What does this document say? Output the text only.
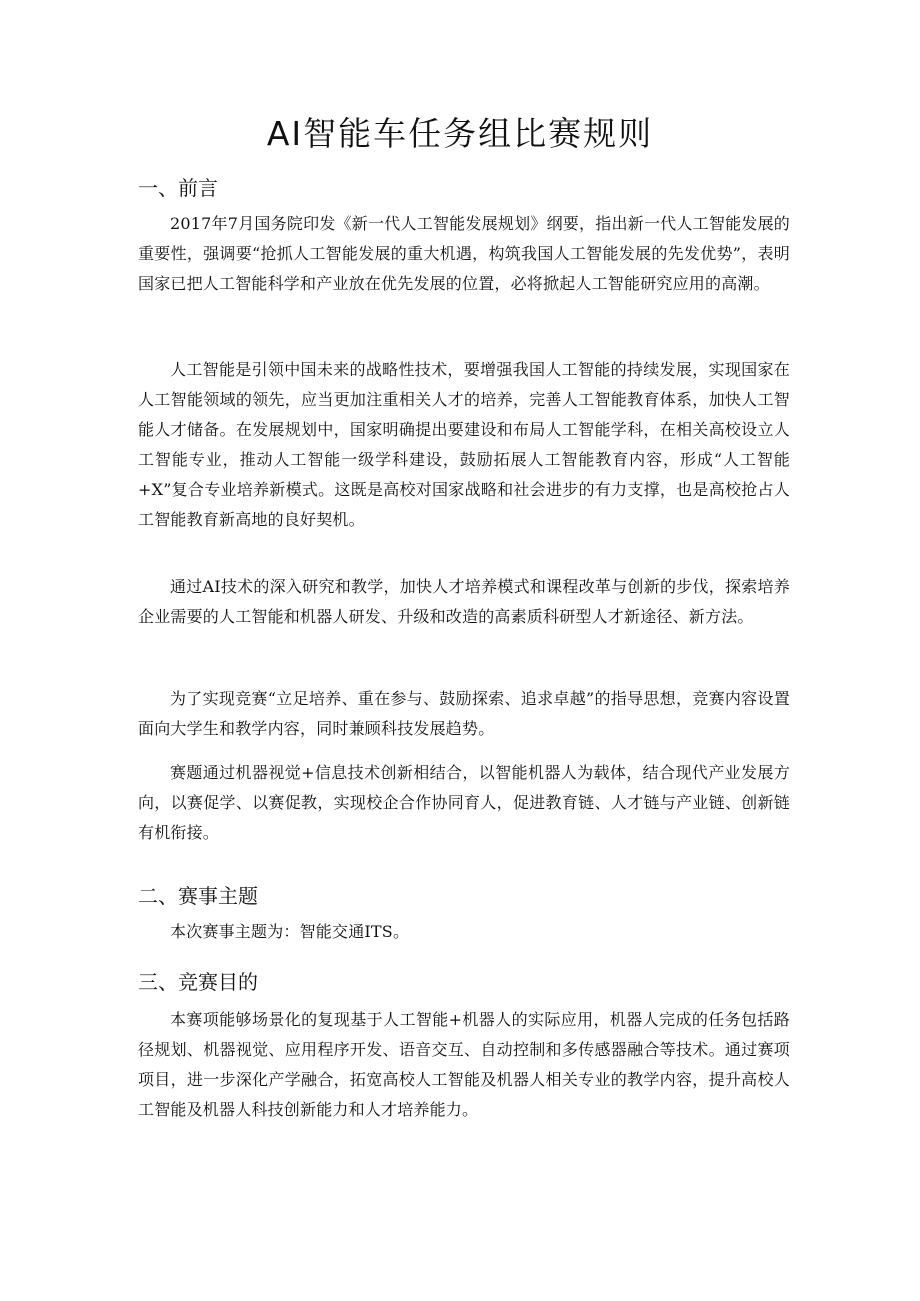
AI智能车任务组比赛规则
一、前言

2017年7月国务院印发《新一代人工智能发展规划》纲要，指出新一代人工智能发展的重要性，强调要“抢抓人工智能发展的重大机遇，构筑我国人工智能发展的先发优势”，表明国家已把人工智能科学和产业放在优先发展的位置，必将掀起人工智能研究应用的高潮。

人工智能是引领中国未来的战略性技术，要增强我国人工智能的持续发展，实现国家在人工智能领域的领先，应当更加注重相关人才的培养，完善人工智能教育体系，加快人工智能人才储备。在发展规划中，国家明确提出要建设和布局人工智能学科，在相关高校设立人工智能专业，推动人工智能一级学科建设，鼓励拓展人工智能教育内容，形成“人工智能+X”复合专业培养新模式。这既是高校对国家战略和社会进步的有力支撑，也是高校抢占人工智能教育新高地的良好契机。

通过AI技术的深入研究和教学，加快人才培养模式和课程改革与创新的步伐，探索培养企业需要的人工智能和机器人研发、升级和改造的高素质科研型人才新途径、新方法。

为了实现竞赛“立足培养、重在参与、鼓励探索、追求卓越”的指导思想，竞赛内容设置面向大学生和教学内容，同时兼顾科技发展趋势。

赛题通过机器视觉+信息技术创新相结合，以智能机器人为载体，结合现代产业发展方向，以赛促学、以赛促教，实现校企合作协同育人，促进教育链、人才链与产业链、创新链有机衔接。

二、赛事主题

本次赛事主题为：智能交通ITS。

三、竞赛目的

本赛项能够场景化的复现基于人工智能+机器人的实际应用，机器人完成的任务包括路径规划、机器视觉、应用程序开发、语音交互、自动控制和多传感器融合等技术。通过赛项项目，进一步深化产学融合，拓宽高校人工智能及机器人相关专业的教学内容，提升高校人工智能及机器人科技创新能力和人才培养能力。
